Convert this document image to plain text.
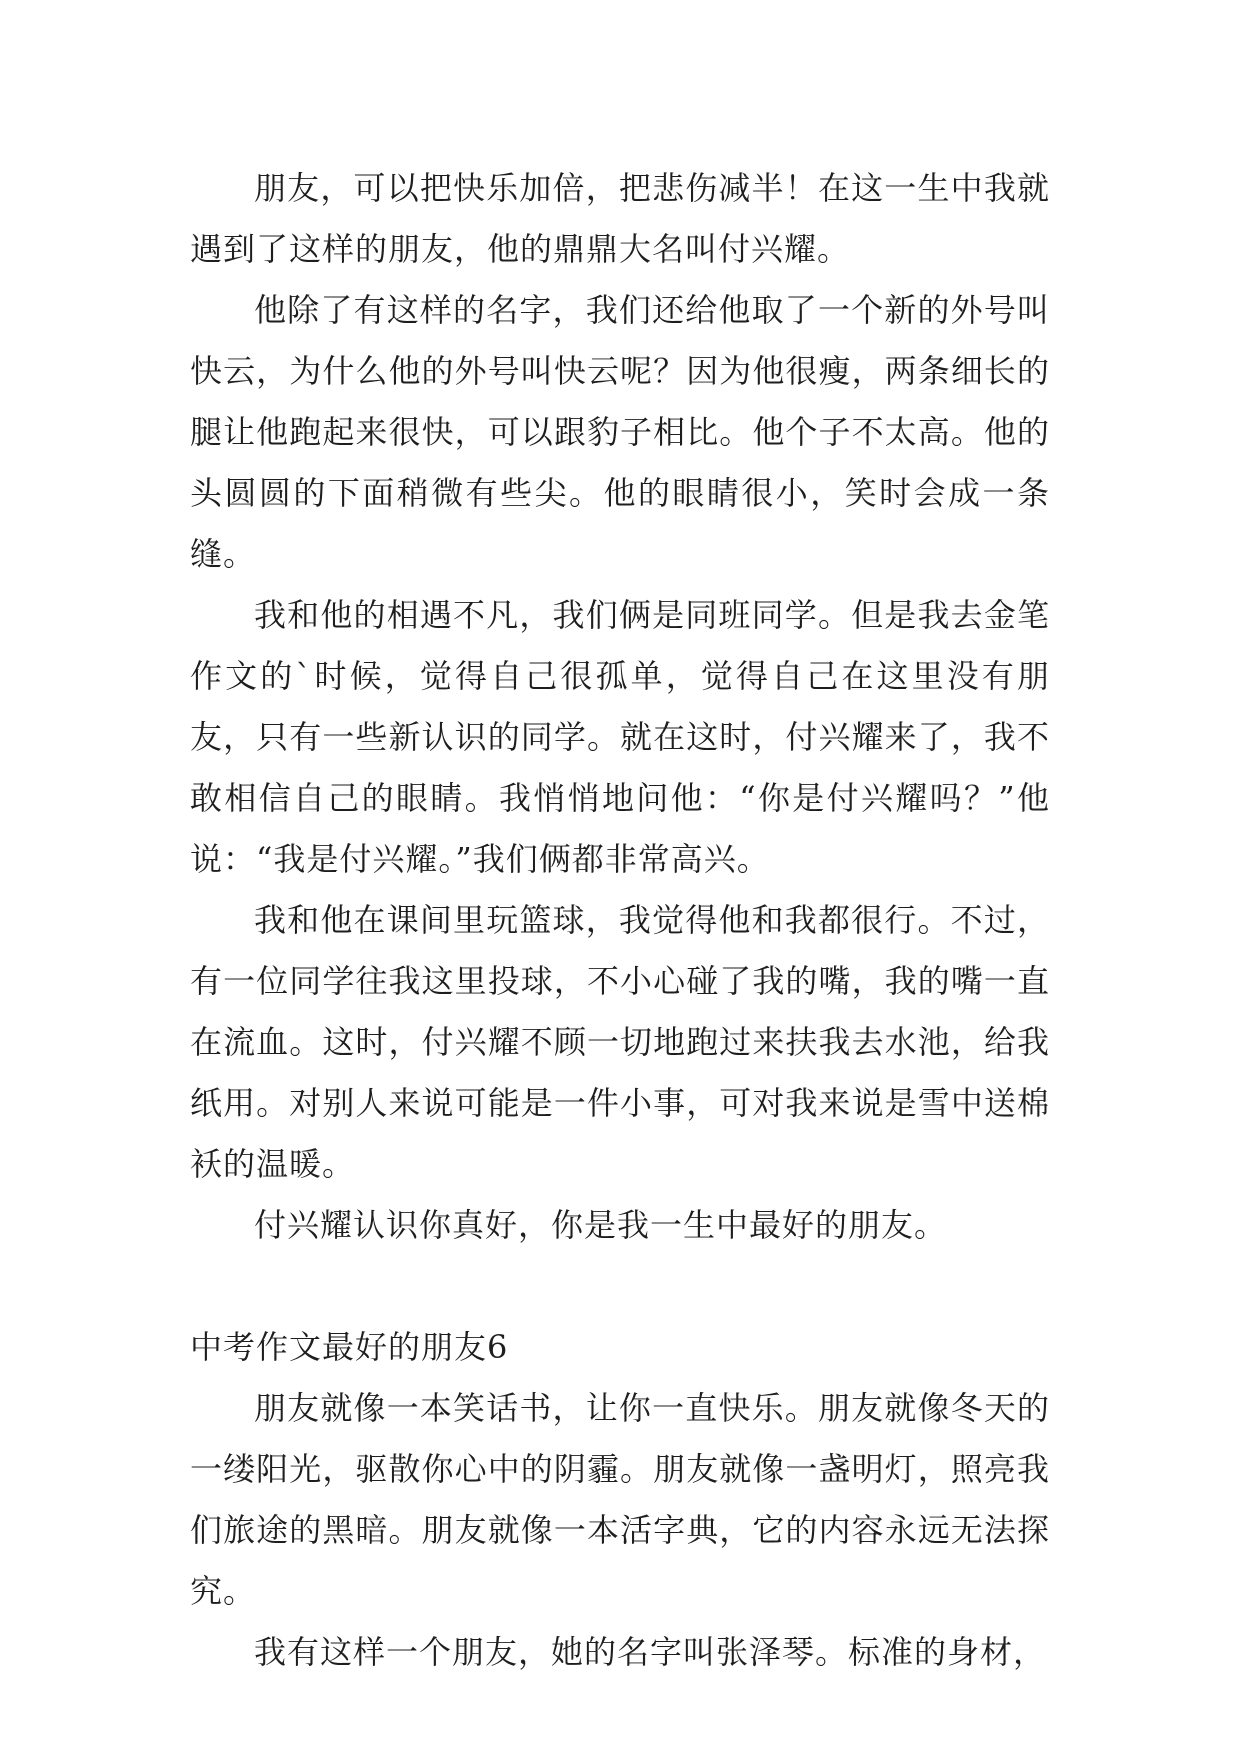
朋友，可以把快乐加倍，把悲伤减半！在这一生中我就遇到了这样的朋友，他的鼎鼎大名叫付兴耀。

他除了有这样的名字，我们还给他取了一个新的外号叫快云，为什么他的外号叫快云呢？因为他很瘦，两条细长的腿让他跑起来很快，可以跟豹子相比。他个子不太高。他的头圆圆的下面稍微有些尖。他的眼睛很小，笑时会成一条缝。

我和他的相遇不凡，我们俩是同班同学。但是我去金笔作文的`时候，觉得自己很孤单，觉得自己在这里没有朋友，只有一些新认识的同学。就在这时，付兴耀来了，我不敢相信自己的眼睛。我悄悄地问他：“你是付兴耀吗？”他说：“我是付兴耀。”我们俩都非常高兴。

我和他在课间里玩篮球，我觉得他和我都很行。不过，有一位同学往我这里投球，不小心碰了我的嘴，我的嘴一直在流血。这时，付兴耀不顾一切地跑过来扶我去水池，给我纸用。对别人来说可能是一件小事，可对我来说是雪中送棉袄的温暖。

付兴耀认识你真好，你是我一生中最好的朋友。

中考作文最好的朋友6

朋友就像一本笑话书，让你一直快乐。朋友就像冬天的一缕阳光，驱散你心中的阴霾。朋友就像一盏明灯，照亮我们旅途的黑暗。朋友就像一本活字典，它的内容永远无法探究。

我有这样一个朋友，她的名字叫张泽琴。标准的身材，
